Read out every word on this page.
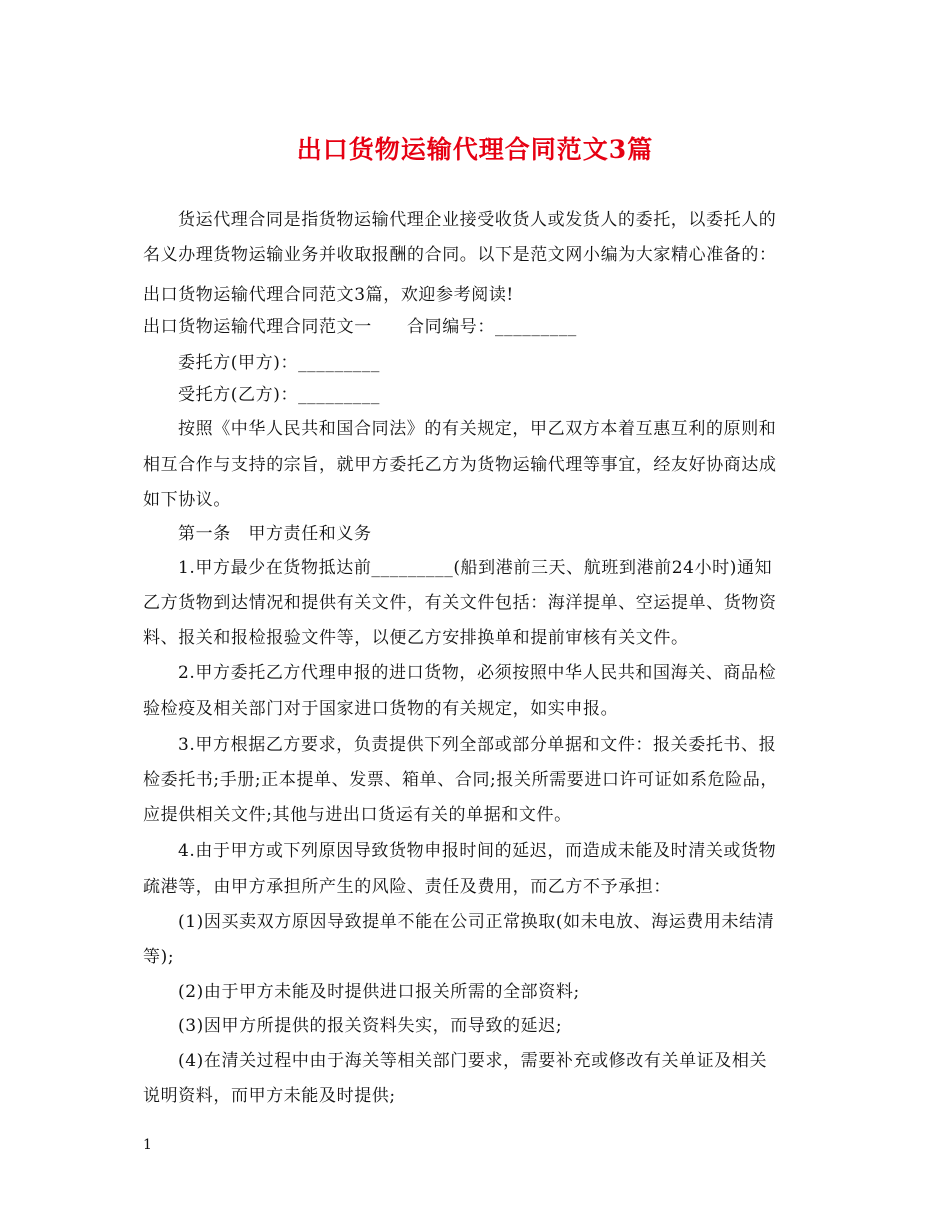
出口货物运输代理合同范文3篇
货运代理合同是指货物运输代理企业接受收货人或发货人的委托，以委托人的
名义办理货物运输业务并收取报酬的合同。以下是范文网小编为大家精心准备的：
出口货物运输代理合同范文3篇，欢迎参考阅读!
出口货物运输代理合同范文一　　合同编号：_________
委托方(甲方)：_________
受托方(乙方)：_________
按照《中华人民共和国合同法》的有关规定，甲乙双方本着互惠互利的原则和
相互合作与支持的宗旨，就甲方委托乙方为货物运输代理等事宜，经友好协商达成
如下协议。
第一条　甲方责任和义务
1.甲方最少在货物抵达前_________(船到港前三天、航班到港前24小时)通知
乙方货物到达情况和提供有关文件，有关文件包括：海洋提单、空运提单、货物资
料、报关和报检报验文件等，以便乙方安排换单和提前审核有关文件。
2.甲方委托乙方代理申报的进口货物，必须按照中华人民共和国海关、商品检
验检疫及相关部门对于国家进口货物的有关规定，如实申报。
3.甲方根据乙方要求，负责提供下列全部或部分单据和文件：报关委托书、报
检委托书;手册;正本提单、发票、箱单、合同;报关所需要进口许可证如系危险品，
应提供相关文件;其他与进出口货运有关的单据和文件。
4.由于甲方或下列原因导致货物申报时间的延迟，而造成未能及时清关或货物
疏港等，由甲方承担所产生的风险、责任及费用，而乙方不予承担：
(1)因买卖双方原因导致提单不能在公司正常换取(如未电放、海运费用未结清
等);
(2)由于甲方未能及时提供进口报关所需的全部资料;
(3)因甲方所提供的报关资料失实，而导致的延迟;
(4)在清关过程中由于海关等相关部门要求，需要补充或修改有关单证及相关
说明资料，而甲方未能及时提供;
1
